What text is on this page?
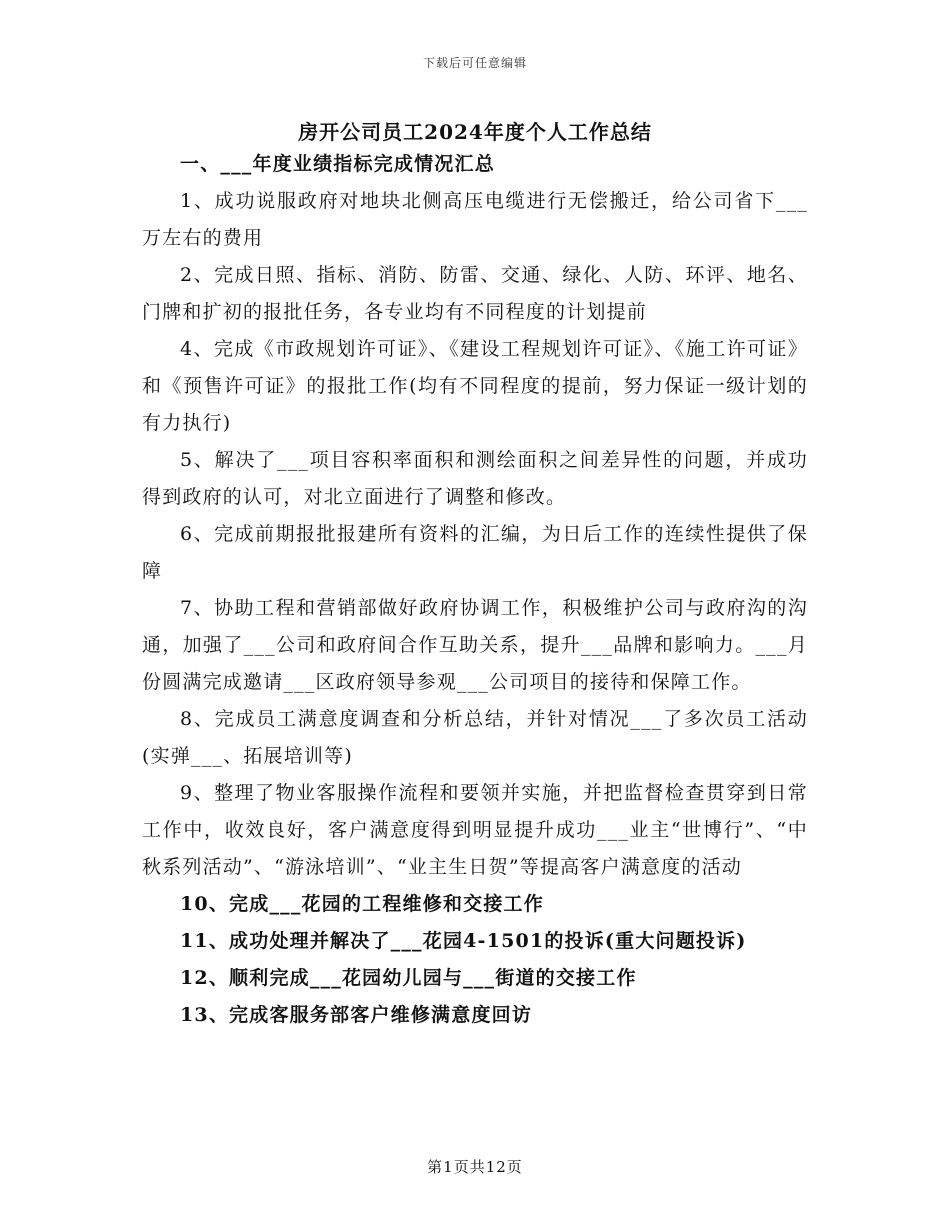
下载后可任意编辑
房开公司员工2024年度个人工作总结

一、___年度业绩指标完成情况汇总

1、成功说服政府对地块北侧高压电缆进行无偿搬迁，给公司省下___万左右的费用

2、完成日照、指标、消防、防雷、交通、绿化、人防、环评、地名、门牌和扩初的报批任务，各专业均有不同程度的计划提前

4、完成《市政规划许可证》、《建设工程规划许可证》、《施工许可证》和《预售许可证》的报批工作(均有不同程度的提前，努力保证一级计划的有力执行)

5、解决了___项目容积率面积和测绘面积之间差异性的问题，并成功得到政府的认可，对北立面进行了调整和修改。

6、完成前期报批报建所有资料的汇编，为日后工作的连续性提供了保障

7、协助工程和营销部做好政府协调工作，积极维护公司与政府沟的沟通，加强了___公司和政府间合作互助关系，提升___品牌和影响力。___月份圆满完成邀请___区政府领导参观___公司项目的接待和保障工作。

8、完成员工满意度调查和分析总结，并针对情况___了多次员工活动(实弹___、拓展培训等)

9、整理了物业客服操作流程和要领并实施，并把监督检查贯穿到日常工作中，收效良好，客户满意度得到明显提升成功___业主“世博行”、“中秋系列活动”、“游泳培训”、“业主生日贺”等提高客户满意度的活动

10、完成___花园的工程维修和交接工作

11、成功处理并解决了___花园4-1501的投诉(重大问题投诉)

12、顺利完成___花园幼儿园与___街道的交接工作

13、完成客服务部客户维修满意度回访

第1页共12页
